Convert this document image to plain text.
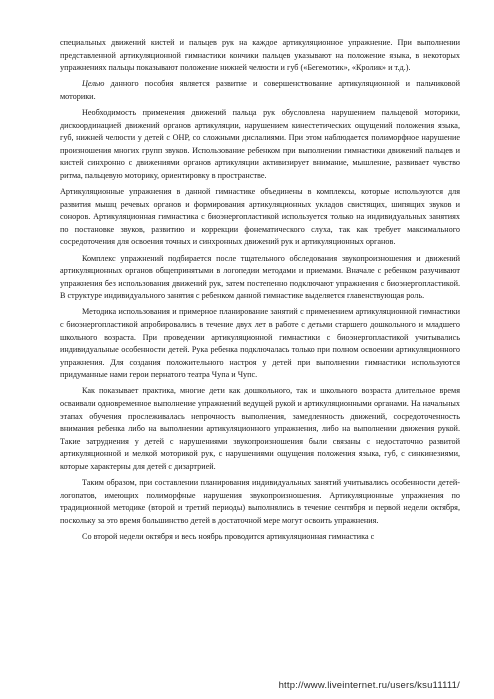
специальных движений кистей и пальцев рук на каждое артикуляционное упражнение. При выполнении представленной артикуляционной гимнастики кончики пальцев указывают на положение языка, в некоторых упражнениях пальцы показывают положение нижней челюсти и губ («Бегемотик», «Кролик» и т.д.).

Целью данного пособия является развитие и совершенствование артикуляционной и пальчиковой моторики.

Необходимость применения движений пальца рук обусловлена нарушением пальцевой моторики, дискоординацией движений органов артикуляции, нарушением кинестетических ощущений положения языка, губ, нижней челюсти у детей с ОНР, со сложными дислалиями. При этом наблюдается полиморфное нарушение произношения многих групп звуков. Использование ребенком при выполнении гимнастики движений пальцев и кистей синхронно с движениями органов артикуляции активизирует внимание, мышление, развивает чувство ритма, пальцевую моторику, ориентировку в пространстве.

Артикуляционные упражнения в данной гимнастике объединены в комплексы, которые используются для развития мышц речевых органов и формирования артикуляционных укладов свистящих, шипящих звуков и соноров. Артикуляционная гимнастика с биоэнергопластикой используется только на индивидуальных занятиях по постановке звуков, развитию и коррекции фонематического слуха, так как требует максимального сосредоточения для освоения точных и синхронных движений рук и артикуляционных органов.

Комплекс упражнений подбирается после тщательного обследования звукопроизношения и движений артикуляционных органов общепринятыми в логопедии методами и приемами. Вначале с ребенком разучивают упражнения без использования движений рук, затем постепенно подключают упражнения с биоэнергопластикой. В структуре индивидуального занятия с ребенком данной гимнастике выделяется главенствующая роль.

Методика использования и примерное планирование занятий с применением артикуляционной гимнастики с биоэнергопластикой апробировались в течение двух лет в работе с детьми старшего дошкольного и младшего школьного возраста. При проведении артикуляционной гимнастики с биоэнергопластикой учитывались индивидуальные особенности детей. Рука ребенка подключалась только при полном освоении артикуляционного упражнения. Для создания положительного настроя у детей при выполнении гимнастики используются придуманные нами герои пернатого театра Чупа и Чупс.

Как показывает практика, многие дети как дошкольного, так и школьного возраста длительное время осваивали одновременное выполнение упражнений ведущей рукой и артикуляционными органами. На начальных этапах обучения прослеживалась непрочность выполнения, замедленность движений, сосредоточенность внимания ребенка либо на выполнении артикуляционного упражнения, либо на выполнении движения рукой. Такие затруднения у детей с нарушениями звукопроизношения были связаны с недостаточно развитой артикуляционной и мелкой моторикой рук, с нарушениями ощущения положения языка, губ, с синкинезиями, которые характерны для детей с дизартрией.

Таким образом, при составлении планирования индивидуальных занятий учитывались особенности детей-логопатов, имеющих полиморфные нарушения звукопроизношения. Артикуляционные упражнения по традиционной методике (второй и третий периоды) выполнялись в течение сентября и первой недели октября, поскольку за это время большинство детей в достаточной мере могут освоить упражнения.

Со второй недели октября и весь ноябрь проводится артикуляционная гимнастика с

http://www.liveinternet.ru/users/ksu11111/
